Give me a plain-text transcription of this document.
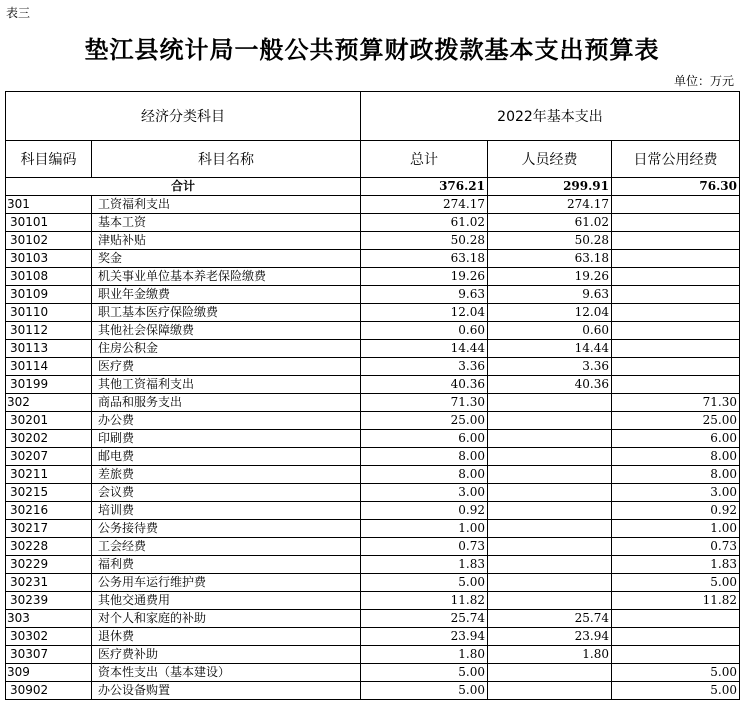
表三
垫江县统计局一般公共预算财政拨款基本支出预算表
单位：万元
经济分类科目		2022年基本支出		
科目编码	科目名称	总计	人员经费	日常公用经费
合计		376.21	299.91	76.30
301	工资福利支出	274.17	274.17	
30101	基本工资	61.02	61.02	
30102	津贴补贴	50.28	50.28	
30103	奖金	63.18	63.18	
30108	机关事业单位基本养老保险缴费	19.26	19.26	
30109	职业年金缴费	9.63	9.63	
30110	职工基本医疗保险缴费	12.04	12.04	
30112	其他社会保障缴费	0.60	0.60	
30113	住房公积金	14.44	14.44	
30114	医疗费	3.36	3.36	
30199	其他工资福利支出	40.36	40.36	
302	商品和服务支出	71.30		71.30
30201	办公费	25.00		25.00
30202	印刷费	6.00		6.00
30207	邮电费	8.00		8.00
30211	差旅费	8.00		8.00
30215	会议费	3.00		3.00
30216	培训费	0.92		0.92
30217	公务接待费	1.00		1.00
30228	工会经费	0.73		0.73
30229	福利费	1.83		1.83
30231	公务用车运行维护费	5.00		5.00
30239	其他交通费用	11.82		11.82
303	对个人和家庭的补助	25.74	25.74	
30302	退休费	23.94	23.94	
30307	医疗费补助	1.80	1.80	
309	资本性支出（基本建设）	5.00		5.00
30902	办公设备购置	5.00		5.00
